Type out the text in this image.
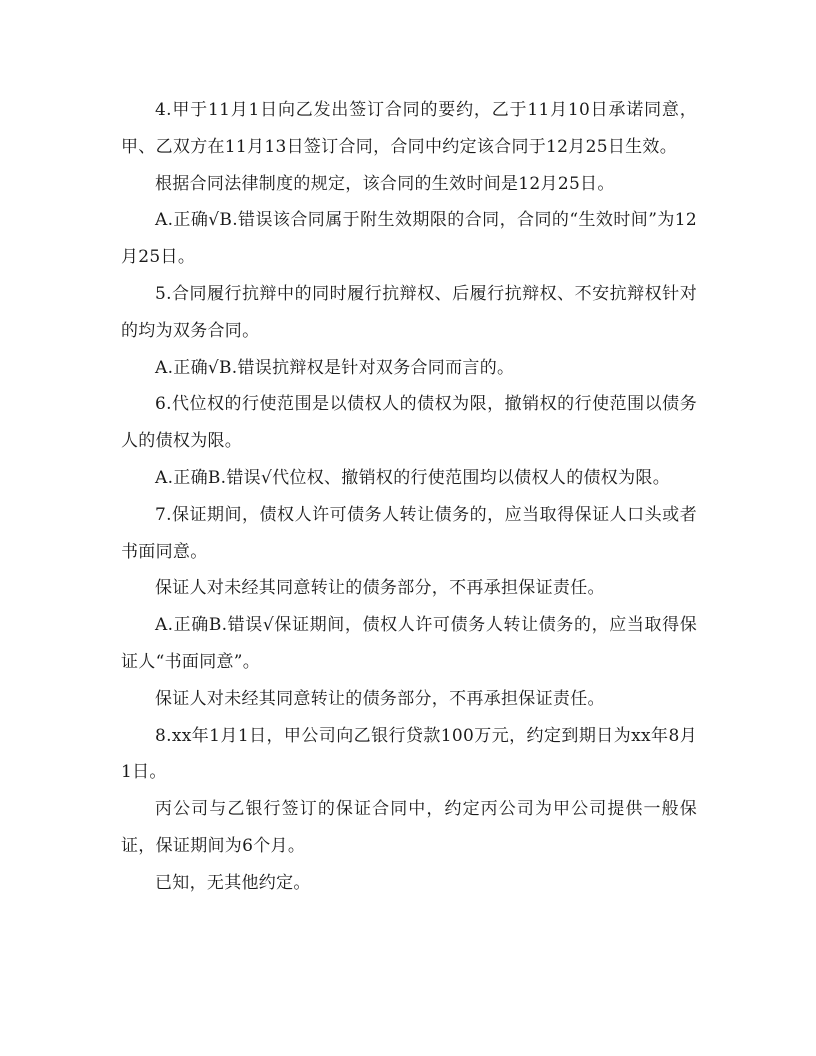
4.甲于11月1日向乙发出签订合同的要约，乙于11月10日承诺同意，甲、乙双方在11月13日签订合同，合同中约定该合同于12月25日生效。

根据合同法律制度的规定，该合同的生效时间是12月25日。

A.正确√B.错误该合同属于附生效期限的合同，合同的“生效时间”为12月25日。

5.合同履行抗辩中的同时履行抗辩权、后履行抗辩权、不安抗辩权针对的均为双务合同。

A.正确√B.错误抗辩权是针对双务合同而言的。

6.代位权的行使范围是以债权人的债权为限，撤销权的行使范围以债务人的债权为限。

A.正确B.错误√代位权、撤销权的行使范围均以债权人的债权为限。

7.保证期间，债权人许可债务人转让债务的，应当取得保证人口头或者书面同意。

保证人对未经其同意转让的债务部分，不再承担保证责任。

A.正确B.错误√保证期间，债权人许可债务人转让债务的，应当取得保证人“书面同意”。

保证人对未经其同意转让的债务部分，不再承担保证责任。

8.xx年1月1日，甲公司向乙银行贷款100万元，约定到期日为xx年8月1日。

丙公司与乙银行签订的保证合同中，约定丙公司为甲公司提供一般保证，保证期间为6个月。

已知，无其他约定。
